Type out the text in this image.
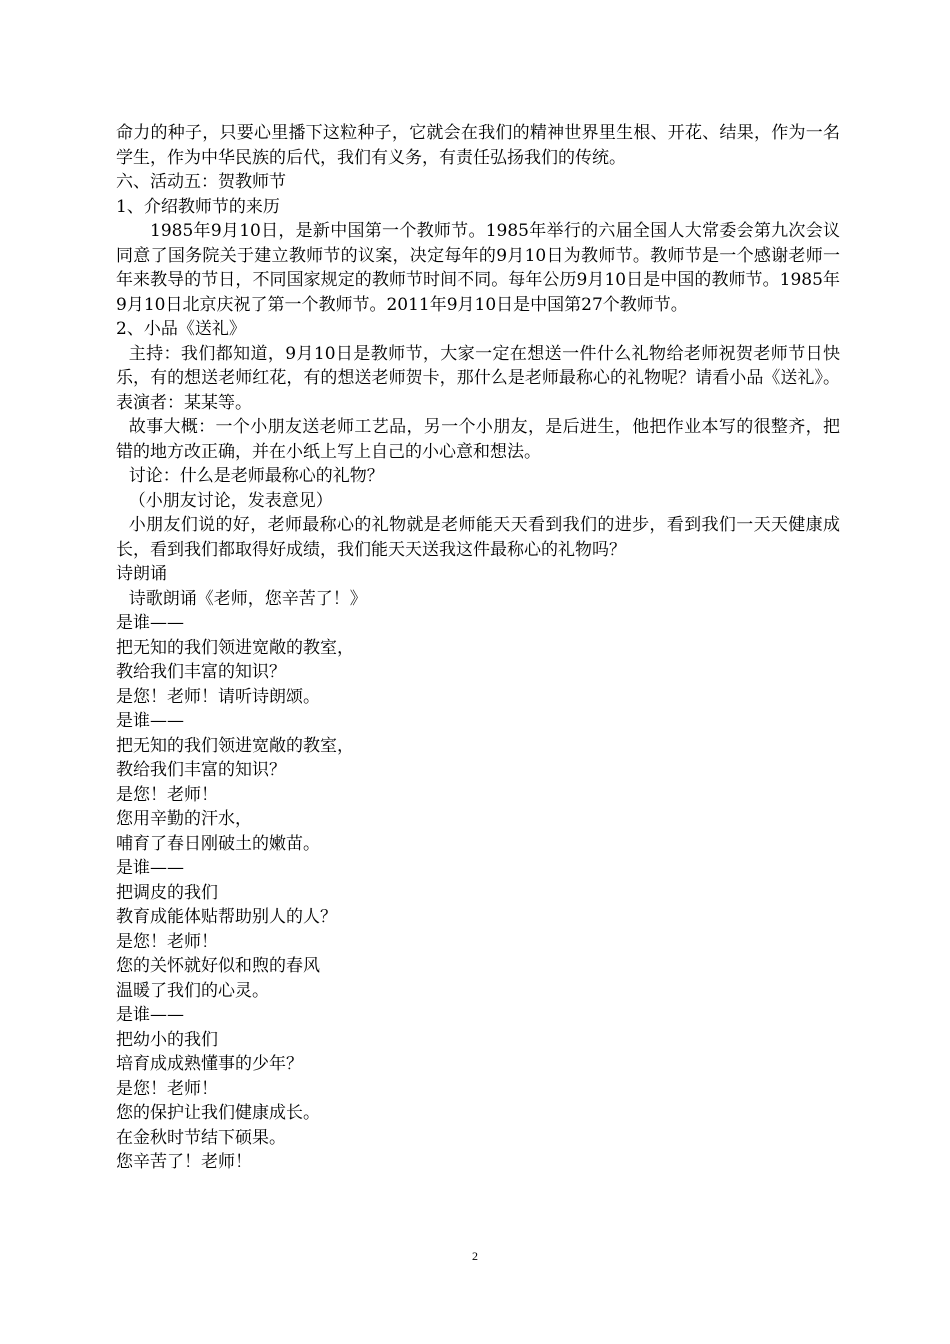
命力的种子，只要心里播下这粒种子，它就会在我们的精神世界里生根、开花、结果，作为一名学生，作为中华民族的后代，我们有义务，有责任弘扬我们的传统。

六、活动五：贺教师节

1、介绍教师节的来历

1985年9月10日，是新中国第一个教师节。1985年举行的六届全国人大常委会第九次会议同意了国务院关于建立教师节的议案，决定每年的9月10日为教师节。教师节是一个感谢老师一年来教导的节日，不同国家规定的教师节时间不同。每年公历9月10日是中国的教师节。1985年9月10日北京庆祝了第一个教师节。2011年9月10日是中国第27个教师节。

2、小品《送礼》

主持：我们都知道，9月10日是教师节，大家一定在想送一件什么礼物给老师祝贺老师节日快乐，有的想送老师红花，有的想送老师贺卡，那什么是老师最称心的礼物呢？请看小品《送礼》。表演者：某某等。

故事大概：一个小朋友送老师工艺品，另一个小朋友，是后进生，他把作业本写的很整齐，把错的地方改正确，并在小纸上写上自己的小心意和想法。

讨论：什么是老师最称心的礼物？

（小朋友讨论，发表意见）

小朋友们说的好，老师最称心的礼物就是老师能天天看到我们的进步，看到我们一天天健康成长，看到我们都取得好成绩，我们能天天送我这件最称心的礼物吗？

诗朗诵

诗歌朗诵《老师，您辛苦了！》

是谁——

把无知的我们领进宽敞的教室，

教给我们丰富的知识？

是您！老师！请听诗朗颂。

是谁——

把无知的我们领进宽敞的教室，

教给我们丰富的知识？

是您！老师！

您用辛勤的汗水，

哺育了春日刚破土的嫩苗。

是谁——

把调皮的我们

教育成能体贴帮助别人的人？

是您！老师！

您的关怀就好似和煦的春风

温暖了我们的心灵。

是谁——

把幼小的我们

培育成成熟懂事的少年？

是您！老师！

您的保护让我们健康成长。

在金秋时节结下硕果。

您辛苦了！老师！

2
